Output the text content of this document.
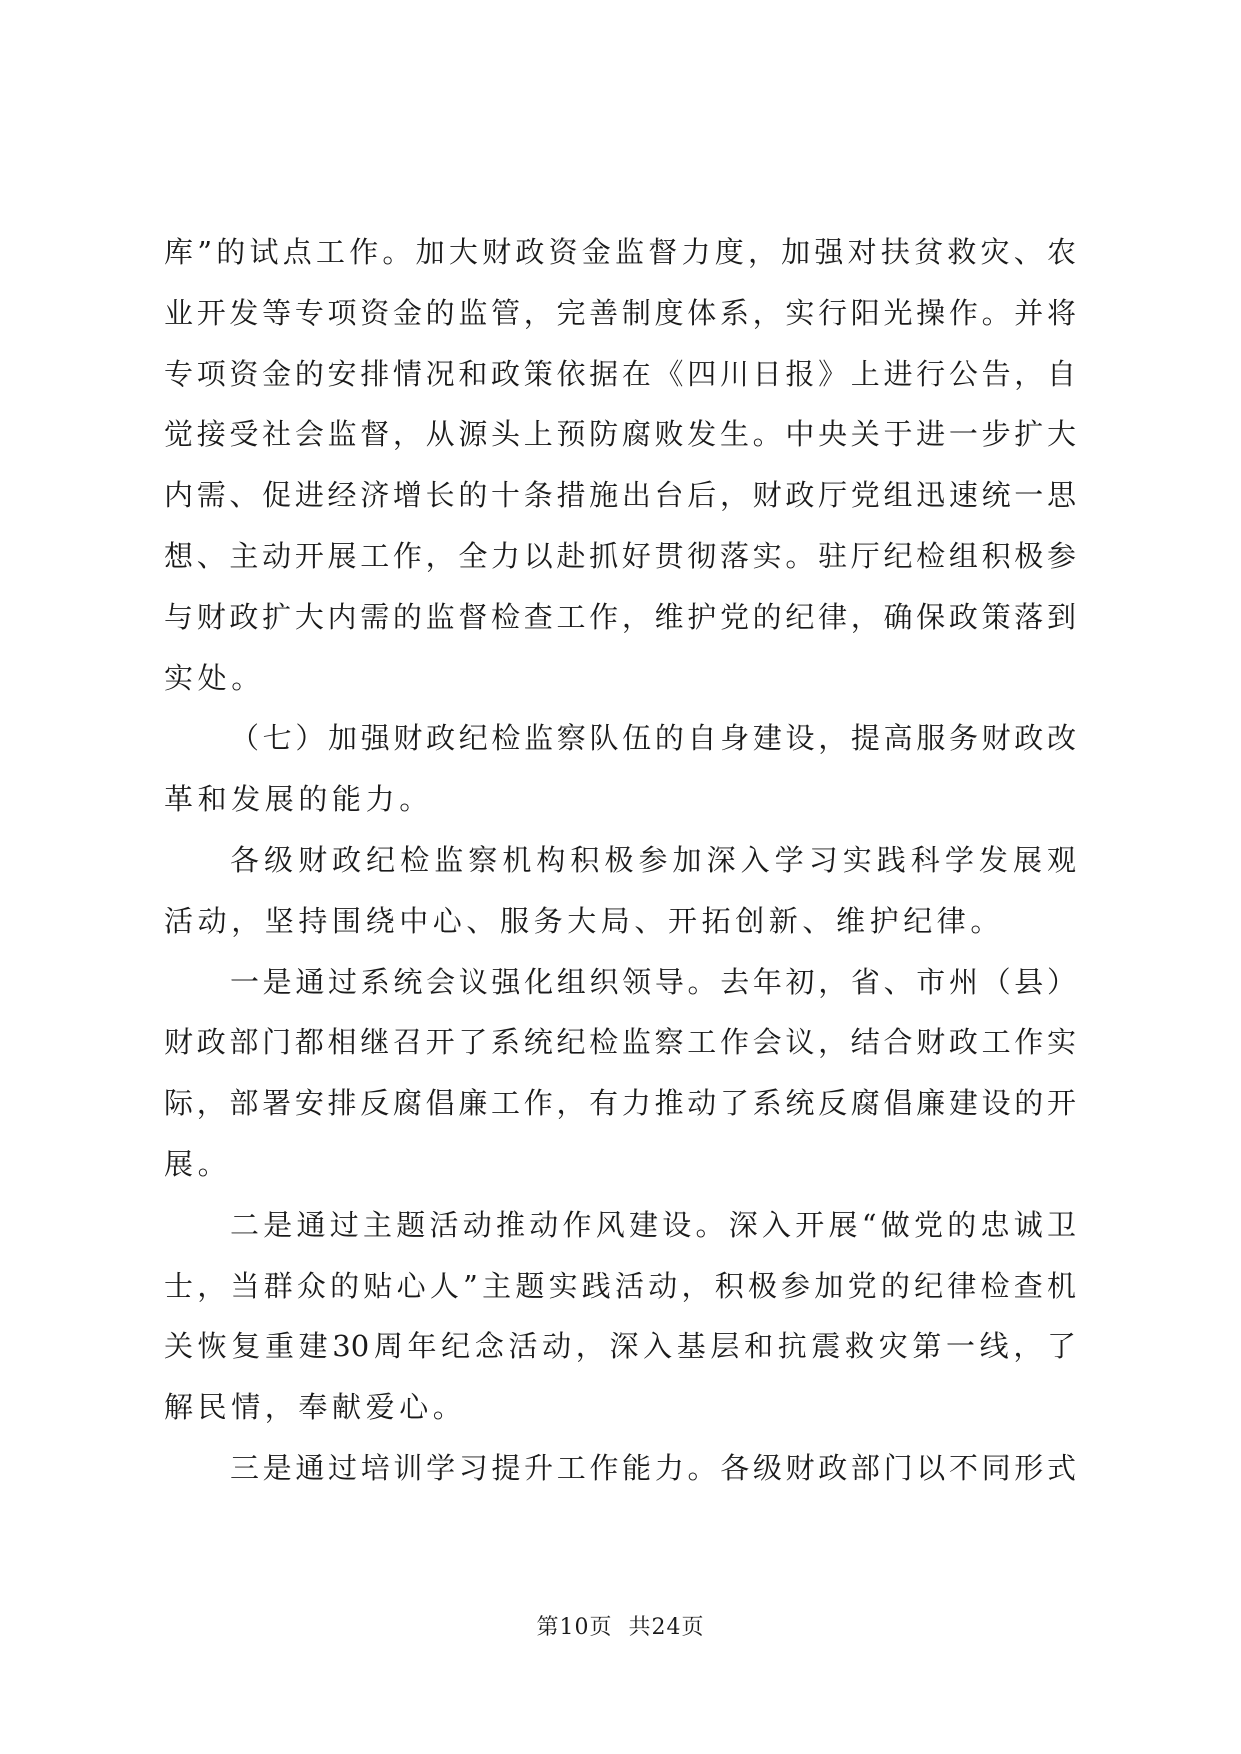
库”的试点工作。加大财政资金监督力度，加强对扶贫救灾、农
业开发等专项资金的监管，完善制度体系，实行阳光操作。并将
专项资金的安排情况和政策依据在《四川日报》上进行公告，自
觉接受社会监督，从源头上预防腐败发生。中央关于进一步扩大
内需、促进经济增长的十条措施出台后，财政厅党组迅速统一思
想、主动开展工作，全力以赴抓好贯彻落实。驻厅纪检组积极参
与财政扩大内需的监督检查工作，维护党的纪律，确保政策落到
实处。
（七）加强财政纪检监察队伍的自身建设，提高服务财政改
革和发展的能力。
各级财政纪检监察机构积极参加深入学习实践科学发展观
活动，坚持围绕中心、服务大局、开拓创新、维护纪律。
一是通过系统会议强化组织领导。去年初，省、市州（县）
财政部门都相继召开了系统纪检监察工作会议，结合财政工作实
际，部署安排反腐倡廉工作，有力推动了系统反腐倡廉建设的开
展。
二是通过主题活动推动作风建设。深入开展“做党的忠诚卫
士，当群众的贴心人”主题实践活动，积极参加党的纪律检查机
关恢复重建30周年纪念活动，深入基层和抗震救灾第一线，了
解民情，奉献爱心。
三是通过培训学习提升工作能力。各级财政部门以不同形式
第10页 共24页
